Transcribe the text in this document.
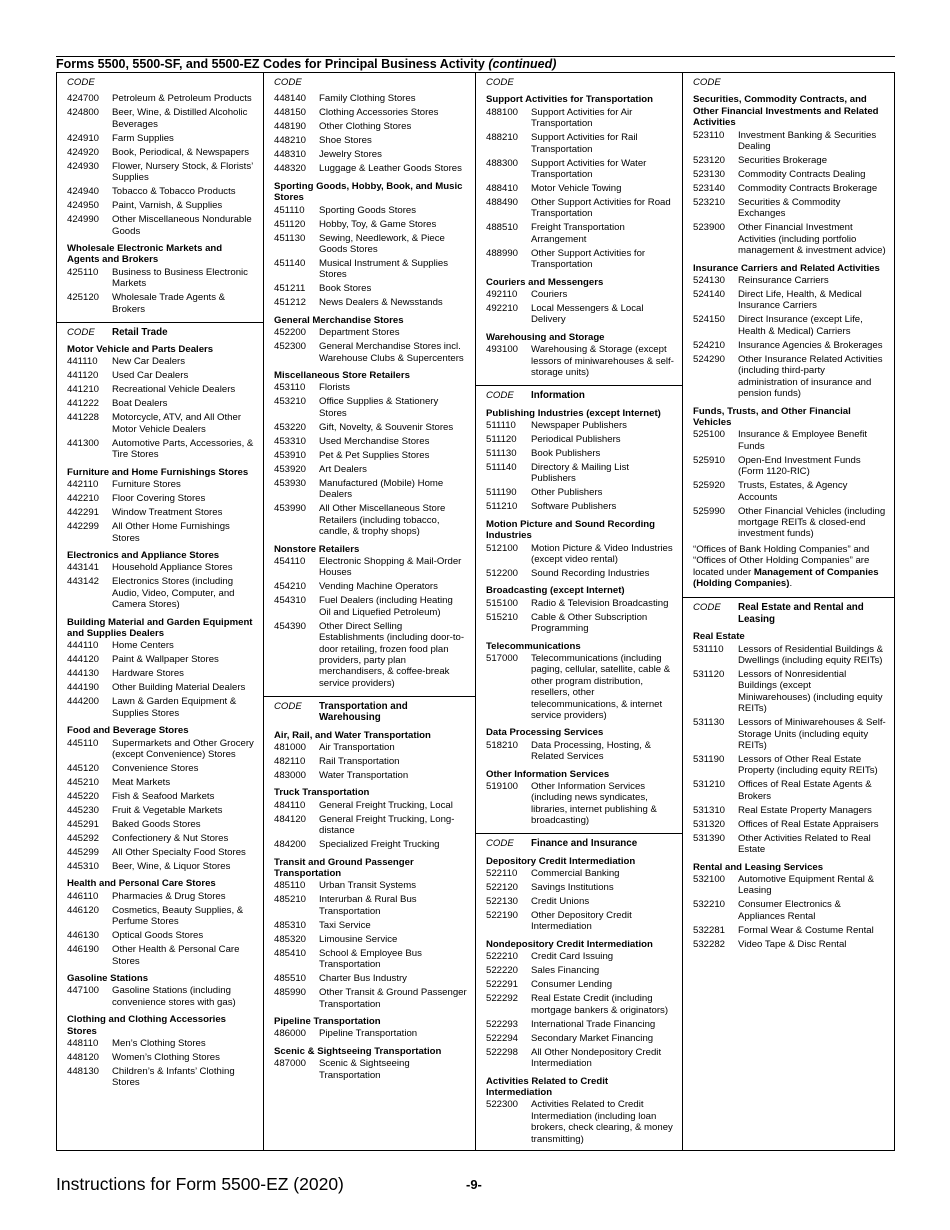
Forms 5500, 5500-SF, and 5500-EZ Codes for Principal Business Activity (continued)
CODE
424700	Petroleum & Petroleum Products
424800	Beer, Wine, & Distilled Alcoholic Beverages
424910	Farm Supplies
424920	Book, Periodical, & Newspapers
424930	Flower, Nursery Stock, & Florists’ Supplies
424940	Tobacco & Tobacco Products
424950	Paint, Varnish, & Supplies
424990	Other Miscellaneous Nondurable Goods
Wholesale Electronic Markets and Agents and Brokers
425110	Business to Business Electronic Markets
425120	Wholesale Trade Agents & Brokers
CODE	Retail Trade
Motor Vehicle and Parts Dealers
441110	New Car Dealers
441120	Used Car Dealers
441210	Recreational Vehicle Dealers
441222	Boat Dealers
441228	Motorcycle, ATV, and All Other Motor Vehicle Dealers
441300	Automotive Parts, Accessories, & Tire Stores
Furniture and Home Furnishings Stores
442110	Furniture Stores
442210	Floor Covering Stores
442291	Window Treatment Stores
442299	All Other Home Furnishings Stores
Electronics and Appliance Stores
443141	Household Appliance Stores
443142	Electronics Stores (including Audio, Video, Computer, and Camera Stores)
Building Material and Garden Equipment and Supplies Dealers
444110	Home Centers
444120	Paint & Wallpaper Stores
444130	Hardware Stores
444190	Other Building Material Dealers
444200	Lawn & Garden Equipment & Supplies Stores
Food and Beverage Stores
445110	Supermarkets and Other Grocery (except Convenience) Stores
445120	Convenience Stores
445210	Meat Markets
445220	Fish & Seafood Markets
445230	Fruit & Vegetable Markets
445291	Baked Goods Stores
445292	Confectionery & Nut Stores
445299	All Other Specialty Food Stores
445310	Beer, Wine, & Liquor Stores
Health and Personal Care Stores
446110	Pharmacies & Drug Stores
446120	Cosmetics, Beauty Supplies, & Perfume Stores
446130	Optical Goods Stores
446190	Other Health & Personal Care Stores
Gasoline Stations
447100	Gasoline Stations (including convenience stores with gas)
Clothing and Clothing Accessories Stores
448110	Men’s Clothing Stores
448120	Women’s Clothing Stores
448130	Children’s & Infants’ Clothing Stores
CODE
448140	Family Clothing Stores
448150	Clothing Accessories Stores
448190	Other Clothing Stores
448210	Shoe Stores
448310	Jewelry Stores
448320	Luggage & Leather Goods Stores
Sporting Goods, Hobby, Book, and Music Stores
451110	Sporting Goods Stores
451120	Hobby, Toy, & Game Stores
451130	Sewing, Needlework, & Piece Goods Stores
451140	Musical Instrument & Supplies Stores
451211	Book Stores
451212	News Dealers & Newsstands
General Merchandise Stores
452200	Department Stores
452300	General Merchandise Stores incl. Warehouse Clubs & Supercenters
Miscellaneous Store Retailers
453110	Florists
453210	Office Supplies & Stationery Stores
453220	Gift, Novelty, & Souvenir Stores
453310	Used Merchandise Stores
453910	Pet & Pet Supplies Stores
453920	Art Dealers
453930	Manufactured (Mobile) Home Dealers
453990	All Other Miscellaneous Store Retailers (including tobacco, candle, & trophy shops)
Nonstore Retailers
454110	Electronic Shopping & Mail-Order Houses
454210	Vending Machine Operators
454310	Fuel Dealers (including Heating Oil and Liquefied Petroleum)
454390	Other Direct Selling Establishments (including door-to-door retailing, frozen food plan providers, party plan merchandisers, & coffee-break service providers)
CODE	Transportation and Warehousing
Air, Rail, and Water Transportation
481000	Air Transportation
482110	Rail Transportation
483000	Water Transportation
Truck Transportation
484110	General Freight Trucking, Local
484120	General Freight Trucking, Long-distance
484200	Specialized Freight Trucking
Transit and Ground Passenger Transportation
485110	Urban Transit Systems
485210	Interurban & Rural Bus Transportation
485310	Taxi Service
485320	Limousine Service
485410	School & Employee Bus Transportation
485510	Charter Bus Industry
485990	Other Transit & Ground Passenger Transportation
Pipeline Transportation
486000	Pipeline Transportation
Scenic & Sightseeing Transportation
487000	Scenic & Sightseeing Transportation
CODE
Support Activities for Transportation
488100	Support Activities for Air Transportation
488210	Support Activities for Rail Transportation
488300	Support Activities for Water Transportation
488410	Motor Vehicle Towing
488490	Other Support Activities for Road Transportation
488510	Freight Transportation Arrangement
488990	Other Support Activities for Transportation
Couriers and Messengers
492110	Couriers
492210	Local Messengers & Local Delivery
Warehousing and Storage
493100	Warehousing & Storage (except lessors of miniwarehouses & self-storage units)
CODE	Information
Publishing Industries (except Internet)
511110	Newspaper Publishers
511120	Periodical Publishers
511130	Book Publishers
511140	Directory & Mailing List Publishers
511190	Other Publishers
511210	Software Publishers
Motion Picture and Sound Recording Industries
512100	Motion Picture & Video Industries (except video rental)
512200	Sound Recording Industries
Broadcasting (except Internet)
515100	Radio & Television Broadcasting
515210	Cable & Other Subscription Programming
Telecommunications
517000	Telecommunications (including paging, cellular, satellite, cable & other program distribution, resellers, other telecommunications, & internet service providers)
Data Processing Services
518210	Data Processing, Hosting, & Related Services
Other Information Services
519100	Other Information Services (including news syndicates, libraries, internet publishing & broadcasting)
CODE	Finance and Insurance
Depository Credit Intermediation
522110	Commercial Banking
522120	Savings Institutions
522130	Credit Unions
522190	Other Depository Credit Intermediation
Nondepository Credit Intermediation
522210	Credit Card Issuing
522220	Sales Financing
522291	Consumer Lending
522292	Real Estate Credit (including mortgage bankers & originators)
522293	International Trade Financing
522294	Secondary Market Financing
522298	All Other Nondepository Credit Intermediation
Activities Related to Credit Intermediation
522300	Activities Related to Credit Intermediation (including loan brokers, check clearing, & money transmitting)
CODE
Securities, Commodity Contracts, and Other Financial Investments and Related Activities
523110	Investment Banking & Securities Dealing
523120	Securities Brokerage
523130	Commodity Contracts Dealing
523140	Commodity Contracts Brokerage
523210	Securities & Commodity Exchanges
523900	Other Financial Investment Activities (including portfolio management & investment advice)
Insurance Carriers and Related Activities
524130	Reinsurance Carriers
524140	Direct Life, Health, & Medical Insurance Carriers
524150	Direct Insurance (except Life, Health & Medical) Carriers
524210	Insurance Agencies & Brokerages
524290	Other Insurance Related Activities (including third-party administration of insurance and pension funds)
Funds, Trusts, and Other Financial Vehicles
525100	Insurance & Employee Benefit Funds
525910	Open-End Investment Funds (Form 1120-RIC)
525920	Trusts, Estates, & Agency Accounts
525990	Other Financial Vehicles (including mortgage REITs & closed-end investment funds)
“Offices of Bank Holding Companies” and “Offices of Other Holding Companies” are located under Management of Companies (Holding Companies).
CODE	Real Estate and Rental and Leasing
Real Estate
531110	Lessors of Residential Buildings & Dwellings (including equity REITs)
531120	Lessors of Nonresidential Buildings (except Miniwarehouses) (including equity REITs)
531130	Lessors of Miniwarehouses & Self-Storage Units (including equity REITs)
531190	Lessors of Other Real Estate Property (including equity REITs)
531210	Offices of Real Estate Agents & Brokers
531310	Real Estate Property Managers
531320	Offices of Real Estate Appraisers
531390	Other Activities Related to Real Estate
Rental and Leasing Services
532100	Automotive Equipment Rental & Leasing
532210	Consumer Electronics & Appliances Rental
532281	Formal Wear & Costume Rental
532282	Video Tape & Disc Rental
Instructions for Form 5500-EZ (2020)	-9-
